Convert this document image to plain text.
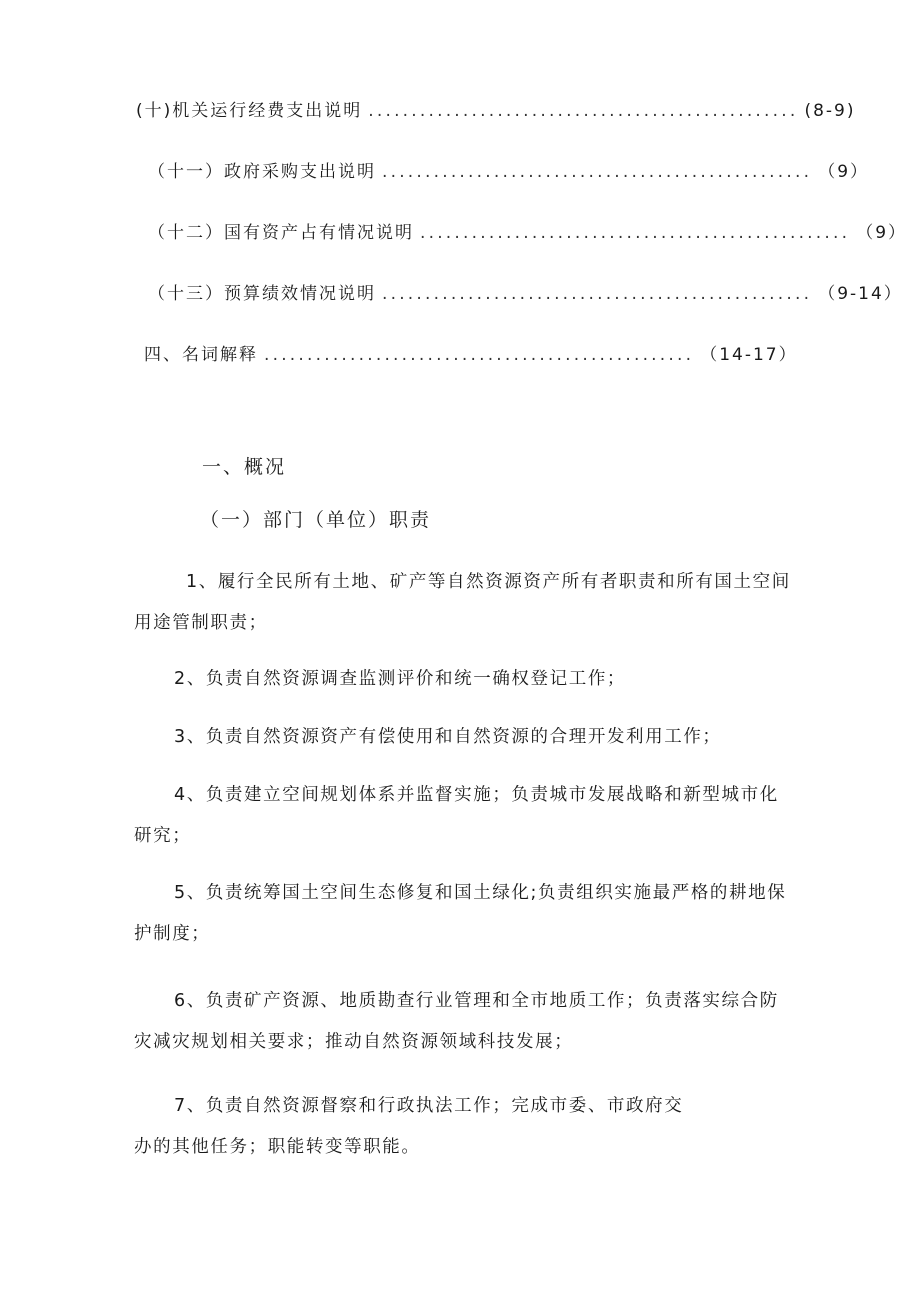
(十)机关运行经费支出说明 .................................................. (8-9)
（十一）政府采购支出说明 .................................................. （9）
（十二）国有资产占有情况说明 .................................................. （9）
（十三）预算绩效情况说明 .................................................. （9-14）
四、名词解释 .................................................. （14-17）
一、概况
（一）部门（单位）职责

1、履行全民所有土地、矿产等自然资源资产所有者职责和所有国土空间用途管制职责；

2、负责自然资源调查监测评价和统一确权登记工作；

3、负责自然资源资产有偿使用和自然资源的合理开发利用工作；

4、负责建立空间规划体系并监督实施；负责城市发展战略和新型城市化研究；

5、负责统筹国土空间生态修复和国土绿化;负责组织实施最严格的耕地保护制度；

6、负责矿产资源、地质勘查行业管理和全市地质工作；负责落实综合防灾减灾规划相关要求；推动自然资源领域科技发展；

7、负责自然资源督察和行政执法工作；完成市委、市政府交办的其他任务；职能转变等职能。
